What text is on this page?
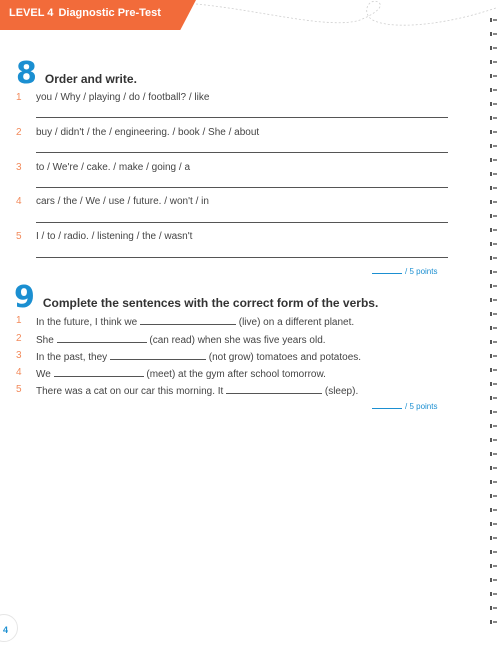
LEVEL 4 Diagnostic Pre-Test
8 Order and write.
1	you / Why / playing / do / football? / like
2	buy / didn't / the / engineering. / book / She / about
3	to / We're / cake. / make / going / a
4	cars / the / We / use / future. / won't / in
5	I / to / radio. / listening / the / wasn't
/ 5 points
9 Complete the sentences with the correct form of the verbs.
1	In the future, I think we	(live) on a different planet.
2	She	(can read) when she was five years old.
3	In the past, they	(not grow) tomatoes and potatoes.
4	We	(meet) at the gym after school tomorrow.
5	There was a cat on our car this morning. It	(sleep).
/ 5 points
4
